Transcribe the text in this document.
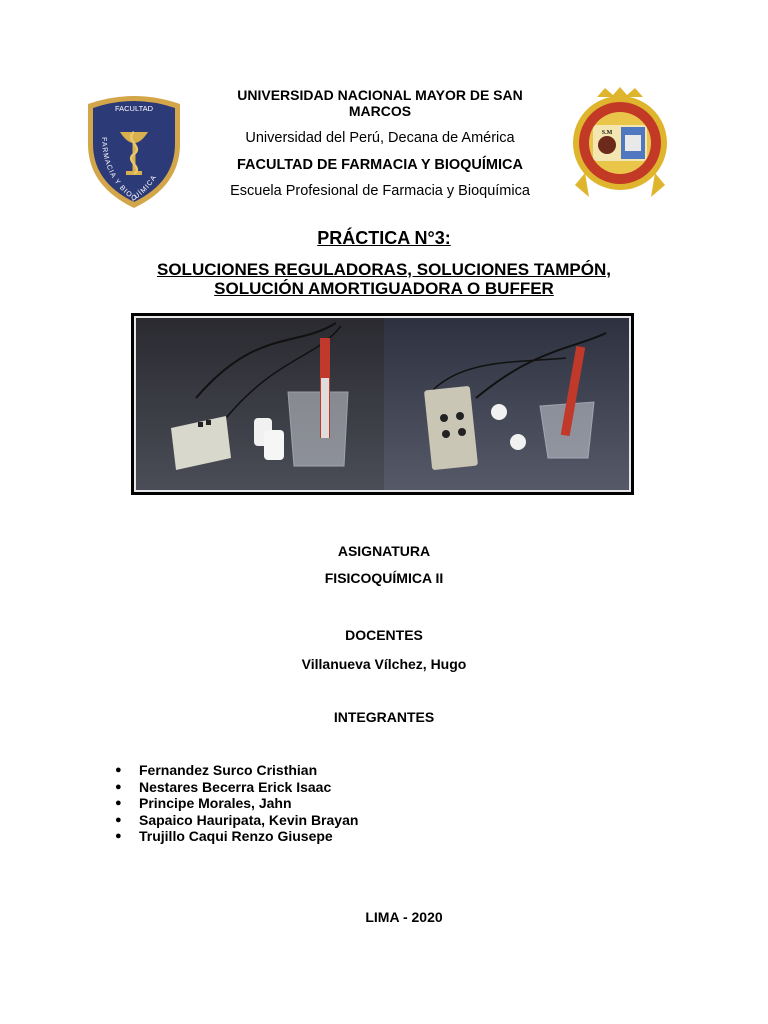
FACULTAD
FARMACIA Y BIOQUÍMICA
S.M
UNIVERSIDAD NACIONAL MAYOR DE SAN MARCOS
Universidad del Perú, Decana de América
FACULTAD DE FARMACIA Y BIOQUÍMICA
Escuela Profesional de Farmacia y Bioquímica
PRÁCTICA N°3:
SOLUCIONES REGULADORAS, SOLUCIONES TAMPÓN,
SOLUCIÓN AMORTIGUADORA O BUFFER
ASIGNATURA
FISICOQUÍMICA II
DOCENTES
Villanueva Vílchez, Hugo
INTEGRANTES
● Fernandez Surco Cristhian
● Nestares Becerra Erick Isaac
● Principe Morales, Jahn
● Sapaico Hauripata, Kevin Brayan
● Trujillo Caqui Renzo Giusepe
LIMA - 2020
